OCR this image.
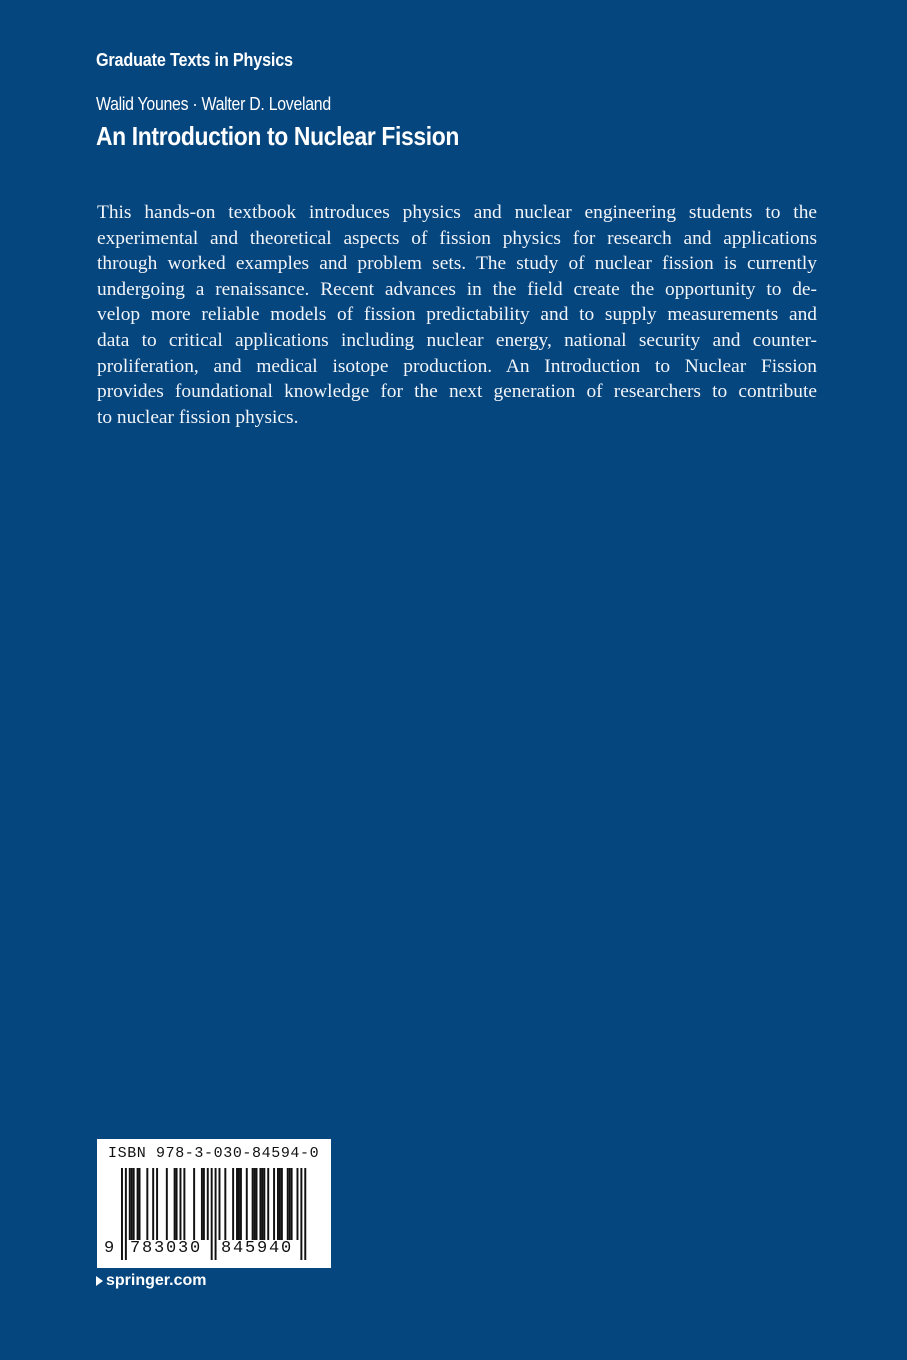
Graduate Texts in Physics
Walid Younes · Walter D. Loveland
An Introduction to Nuclear Fission
This hands-on textbook introduces physics and nuclear engineering students to the
experimental and theoretical aspects of fission physics for research and applications
through worked examples and problem sets. The study of nuclear fission is currently
undergoing a renaissance. Recent advances in the field create the opportunity to de-
velop more reliable models of fission predictability and to supply measurements and
data to critical applications including nuclear energy, national security and counter-
proliferation, and medical isotope production. An Introduction to Nuclear Fission
provides foundational knowledge for the next generation of researchers to contribute
to nuclear fission physics.
ISBN 978-3-030-84594-0
9 783030 845940
springer.com
